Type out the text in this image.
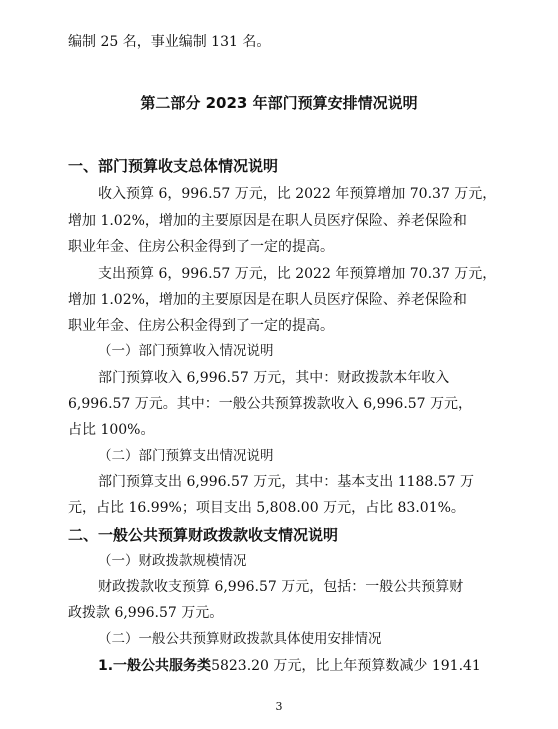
编制 25 名，事业编制 131 名。
第二部分 2023 年部门预算安排情况说明
一、部门预算收支总体情况说明
收入预算 6，996.57 万元，比 2022 年预算增加 70.37 万元，
增加 1.02%，增加的主要原因是在职人员医疗保险、养老保险和
职业年金、住房公积金得到了一定的提高。
支出预算 6，996.57 万元，比 2022 年预算增加 70.37 万元，
增加 1.02%，增加的主要原因是在职人员医疗保险、养老保险和
职业年金、住房公积金得到了一定的提高。
（一）部门预算收入情况说明
部门预算收入 6,996.57 万元，其中：财政拨款本年收入
6,996.57 万元。其中：一般公共预算拨款收入 6,996.57 万元，
占比 100%。
（二）部门预算支出情况说明
部门预算支出 6,996.57 万元，其中：基本支出 1188.57 万
元，占比 16.99%；项目支出 5,808.00 万元，占比 83.01%。
二、一般公共预算财政拨款收支情况说明
（一）财政拨款规模情况
财政拨款收支预算 6,996.57 万元，包括：一般公共预算财
政拨款 6,996.57 万元。
（二）一般公共预算财政拨款具体使用安排情况
1.一般公共服务类5823.20 万元，比上年预算数减少 191.41
3
